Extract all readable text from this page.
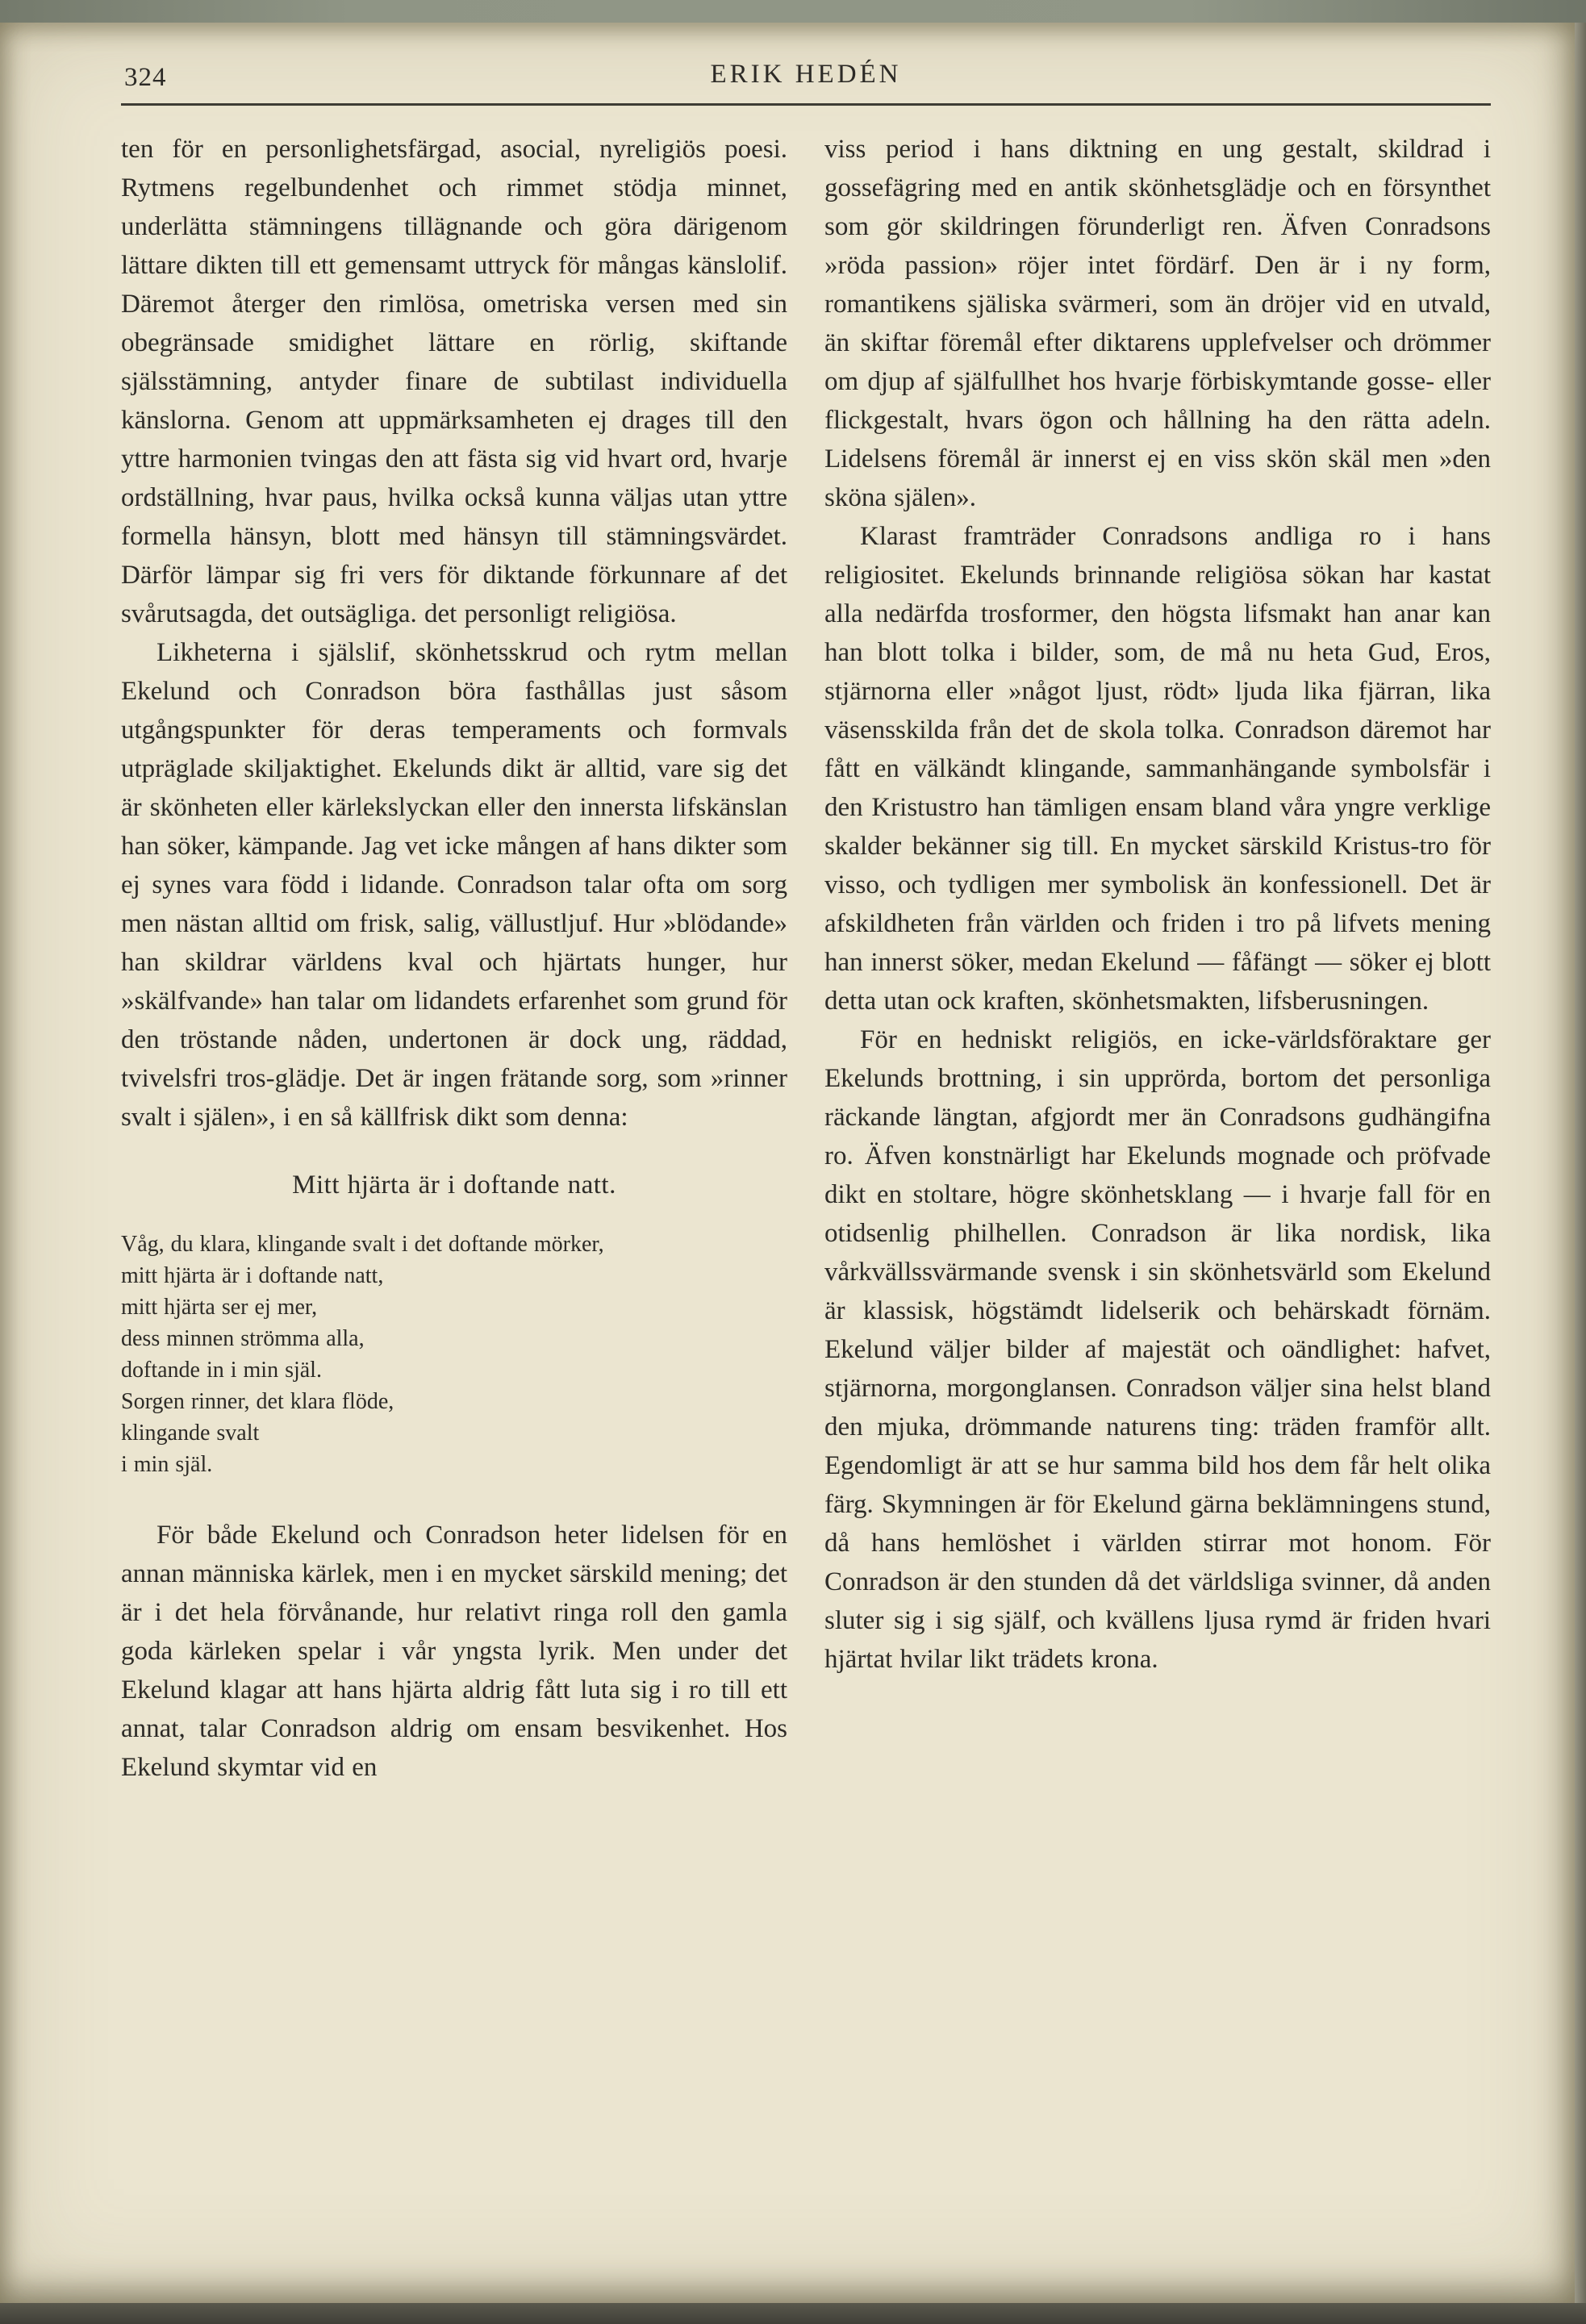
324	ERIK HEDÉN

ten för en personlighetsfärgad, asocial, nyreligiös poesi. Rytmens regelbundenhet och rimmet stödja minnet, underlätta stämningens tillägnande och göra därigenom lättare dikten till ett gemensamt uttryck för mångas känslolif. Däremot återger den rimlösa, ometriska versen med sin obegränsade smidighet lättare en rörlig, skiftande själsstämning, antyder finare de subtilast individuella känslorna. Genom att uppmärksamheten ej drages till den yttre harmonien tvingas den att fästa sig vid hvart ord, hvarje ordställning, hvar paus, hvilka också kunna väljas utan yttre formella hänsyn, blott med hänsyn till stämningsvärdet. Därför lämpar sig fri vers för diktande förkunnare af det svårutsagda, det outsägliga. det personligt religiösa.

Likheterna i själslif, skönhetsskrud och rytm mellan Ekelund och Conradson böra fasthållas just såsom utgångspunkter för deras temperaments och formvals utpräglade skiljaktighet. Ekelunds dikt är alltid, vare sig det är skönheten eller kärlekslyckan eller den innersta lifskänslan han söker, kämpande. Jag vet icke mången af hans dikter som ej synes vara född i lidande. Conradson talar ofta om sorg men nästan alltid om frisk, salig, vällustljuf. Hur »blödande» han skildrar världens kval och hjärtats hunger, hur »skälfvande» han talar om lidandets erfarenhet som grund för den tröstande nåden, undertonen är dock ung, räddad, tvivelsfri tros-glädje. Det är ingen frätande sorg, som »rinner svalt i själen», i en så källfrisk dikt som denna:

Mitt hjärta är i doftande natt.
Våg, du klara, klingande svalt i det doftande mörker,
mitt hjärta är i doftande natt,
mitt hjärta ser ej mer,
dess minnen strömma alla,
doftande in i min själ.
Sorgen rinner, det klara flöde,
klingande svalt
i min själ.

För både Ekelund och Conradson heter lidelsen för en annan människa kärlek, men i en mycket särskild mening; det är i det hela förvånande, hur relativt ringa roll den gamla goda kärleken spelar i vår yngsta lyrik. Men under det Ekelund klagar att hans hjärta aldrig fått luta sig i ro till ett annat, talar Conradson aldrig om ensam besvikenhet. Hos Ekelund skymtar vid en

viss period i hans diktning en ung gestalt, skildrad i gossefägring med en antik skönhetsglädje och en försynthet som gör skildringen förunderligt ren. Äfven Conradsons »röda passion» röjer intet fördärf. Den är i ny form, romantikens själiska svärmeri, som än dröjer vid en utvald, än skiftar föremål efter diktarens upplefvelser och drömmer om djup af själfullhet hos hvarje förbiskymtande gosse- eller flickgestalt, hvars ögon och hållning ha den rätta adeln. Lidelsens föremål är innerst ej en viss skön skäl men »den sköna själen».

Klarast framträder Conradsons andliga ro i hans religiositet. Ekelunds brinnande religiösa sökan har kastat alla nedärfda trosformer, den högsta lifsmakt han anar kan han blott tolka i bilder, som, de må nu heta Gud, Eros, stjärnorna eller »något ljust, rödt» ljuda lika fjärran, lika väsensskilda från det de skola tolka. Conradson däremot har fått en välkändt klingande, sammanhängande symbolsfär i den Kristustro han tämligen ensam bland våra yngre verklige skalder bekänner sig till. En mycket särskild Kristus-tro för visso, och tydligen mer symbolisk än konfessionell. Det är afskildheten från världen och friden i tro på lifvets mening han innerst söker, medan Ekelund — fåfängt — söker ej blott detta utan ock kraften, skönhetsmakten, lifsberusningen.

För en hedniskt religiös, en icke-världsföraktare ger Ekelunds brottning, i sin upprörda, bortom det personliga räckande längtan, afgjordt mer än Conradsons gudhängifna ro. Äfven konstnärligt har Ekelunds mognade och pröfvade dikt en stoltare, högre skönhetsklang — i hvarje fall för en otidsenlig philhellen. Conradson är lika nordisk, lika vårkvällssvärmande svensk i sin skönhetsvärld som Ekelund är klassisk, högstämdt lidelserik och behärskadt förnäm. Ekelund väljer bilder af majestät och oändlighet: hafvet, stjärnorna, morgonglansen. Conradson väljer sina helst bland den mjuka, drömmande naturens ting: träden framför allt. Egendomligt är att se hur samma bild hos dem får helt olika färg. Skymningen är för Ekelund gärna beklämningens stund, då hans hemlöshet i världen stirrar mot honom. För Conradson är den stunden då det världsliga svinner, då anden sluter sig i sig själf, och kvällens ljusa rymd är friden hvari hjärtat hvilar likt trädets krona.
